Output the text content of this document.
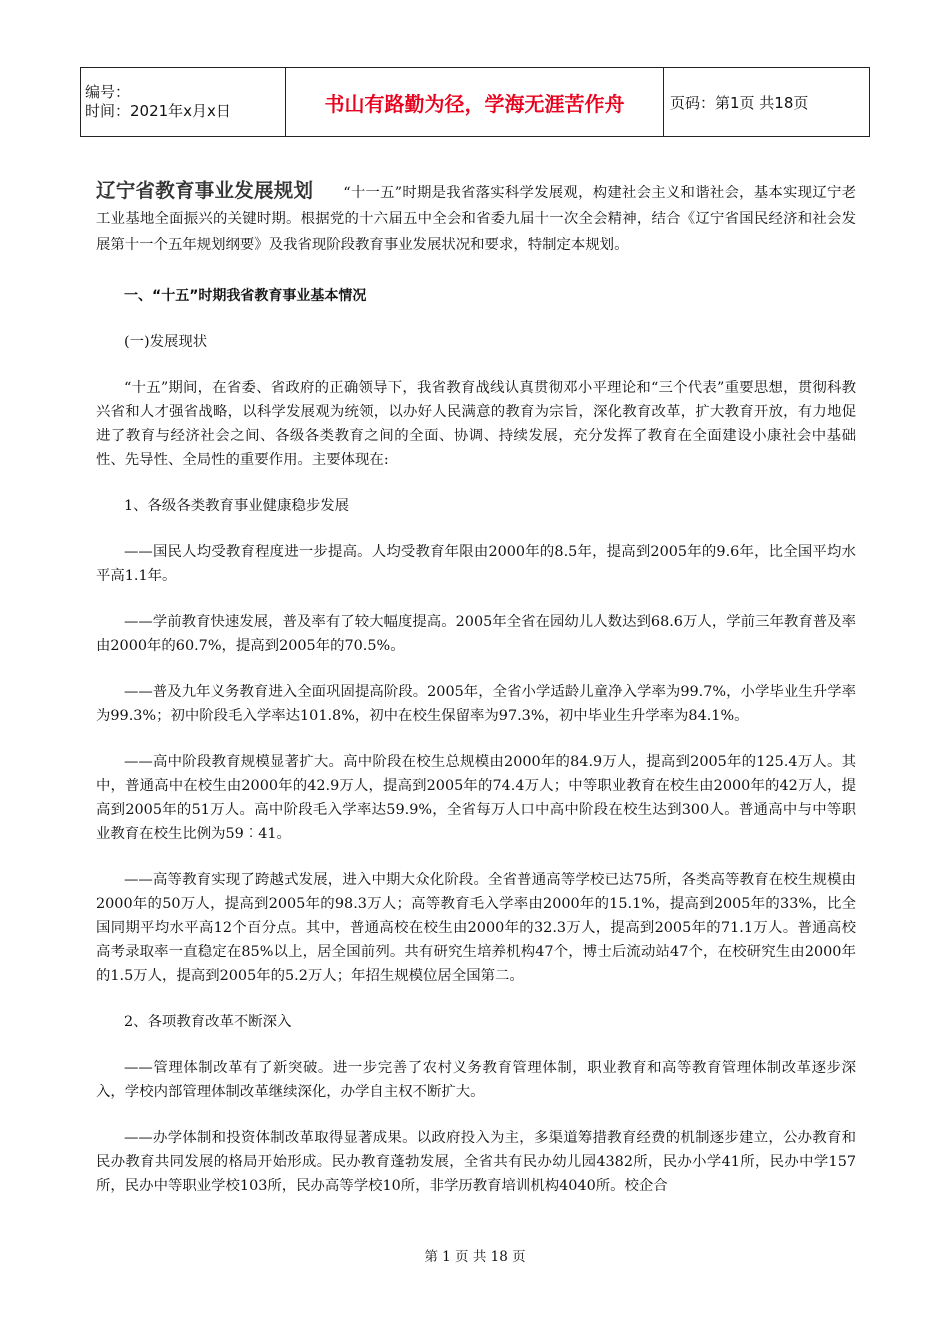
编号：
时间：2021年x月x日	书山有路勤为径，学海无涯苦作舟	页码：第1页 共18页

辽宁省教育事业发展规划 “十一五”时期是我省落实科学发展观，构建社会主义和谐社会，基本实现辽宁老工业基地全面振兴的关键时期。根据党的十六届五中全会和省委九届十一次全会精神，结合《辽宁省国民经济和社会发展第十一个五年规划纲要》及我省现阶段教育事业发展状况和要求，特制定本规划。

一、“十五”时期我省教育事业基本情况

(一)发展现状

“十五”期间，在省委、省政府的正确领导下，我省教育战线认真贯彻邓小平理论和“三个代表”重要思想，贯彻科教兴省和人才强省战略，以科学发展观为统领，以办好人民满意的教育为宗旨，深化教育改革，扩大教育开放，有力地促进了教育与经济社会之间、各级各类教育之间的全面、协调、持续发展，充分发挥了教育在全面建设小康社会中基础性、先导性、全局性的重要作用。主要体现在:

1、各级各类教育事业健康稳步发展

——国民人均受教育程度进一步提高。人均受教育年限由2000年的8.5年，提高到2005年的9.6年，比全国平均水平高1.1年。

——学前教育快速发展，普及率有了较大幅度提高。2005年全省在园幼儿人数达到68.6万人，学前三年教育普及率由2000年的60.7%，提高到2005年的70.5%。

——普及九年义务教育进入全面巩固提高阶段。2005年，全省小学适龄儿童净入学率为99.7%，小学毕业生升学率为99.3%；初中阶段毛入学率达101.8%，初中在校生保留率为97.3%，初中毕业生升学率为84.1%。

——高中阶段教育规模显著扩大。高中阶段在校生总规模由2000年的84.9万人，提高到2005年的125.4万人。其中，普通高中在校生由2000年的42.9万人，提高到2005年的74.4万人；中等职业教育在校生由2000年的42万人，提高到2005年的51万人。高中阶段毛入学率达59.9%，全省每万人口中高中阶段在校生达到300人。普通高中与中等职业教育在校生比例为59︰41。

——高等教育实现了跨越式发展，进入中期大众化阶段。全省普通高等学校已达75所，各类高等教育在校生规模由2000年的50万人，提高到2005年的98.3万人；高等教育毛入学率由2000年的15.1%，提高到2005年的33%，比全国同期平均水平高12个百分点。其中，普通高校在校生由2000年的32.3万人，提高到2005年的71.1万人。普通高校高考录取率一直稳定在85%以上，居全国前列。共有研究生培养机构47个，博士后流动站47个，在校研究生由2000年的1.5万人，提高到2005年的5.2万人；年招生规模位居全国第二。

2、各项教育改革不断深入

——管理体制改革有了新突破。进一步完善了农村义务教育管理体制，职业教育和高等教育管理体制改革逐步深入，学校内部管理体制改革继续深化，办学自主权不断扩大。

——办学体制和投资体制改革取得显著成果。以政府投入为主，多渠道筹措教育经费的机制逐步建立，公办教育和民办教育共同发展的格局开始形成。民办教育蓬勃发展，全省共有民办幼儿园4382所，民办小学41所，民办中学157所，民办中等职业学校103所，民办高等学校10所，非学历教育培训机构4040所。校企合

第 1 页 共 18 页
